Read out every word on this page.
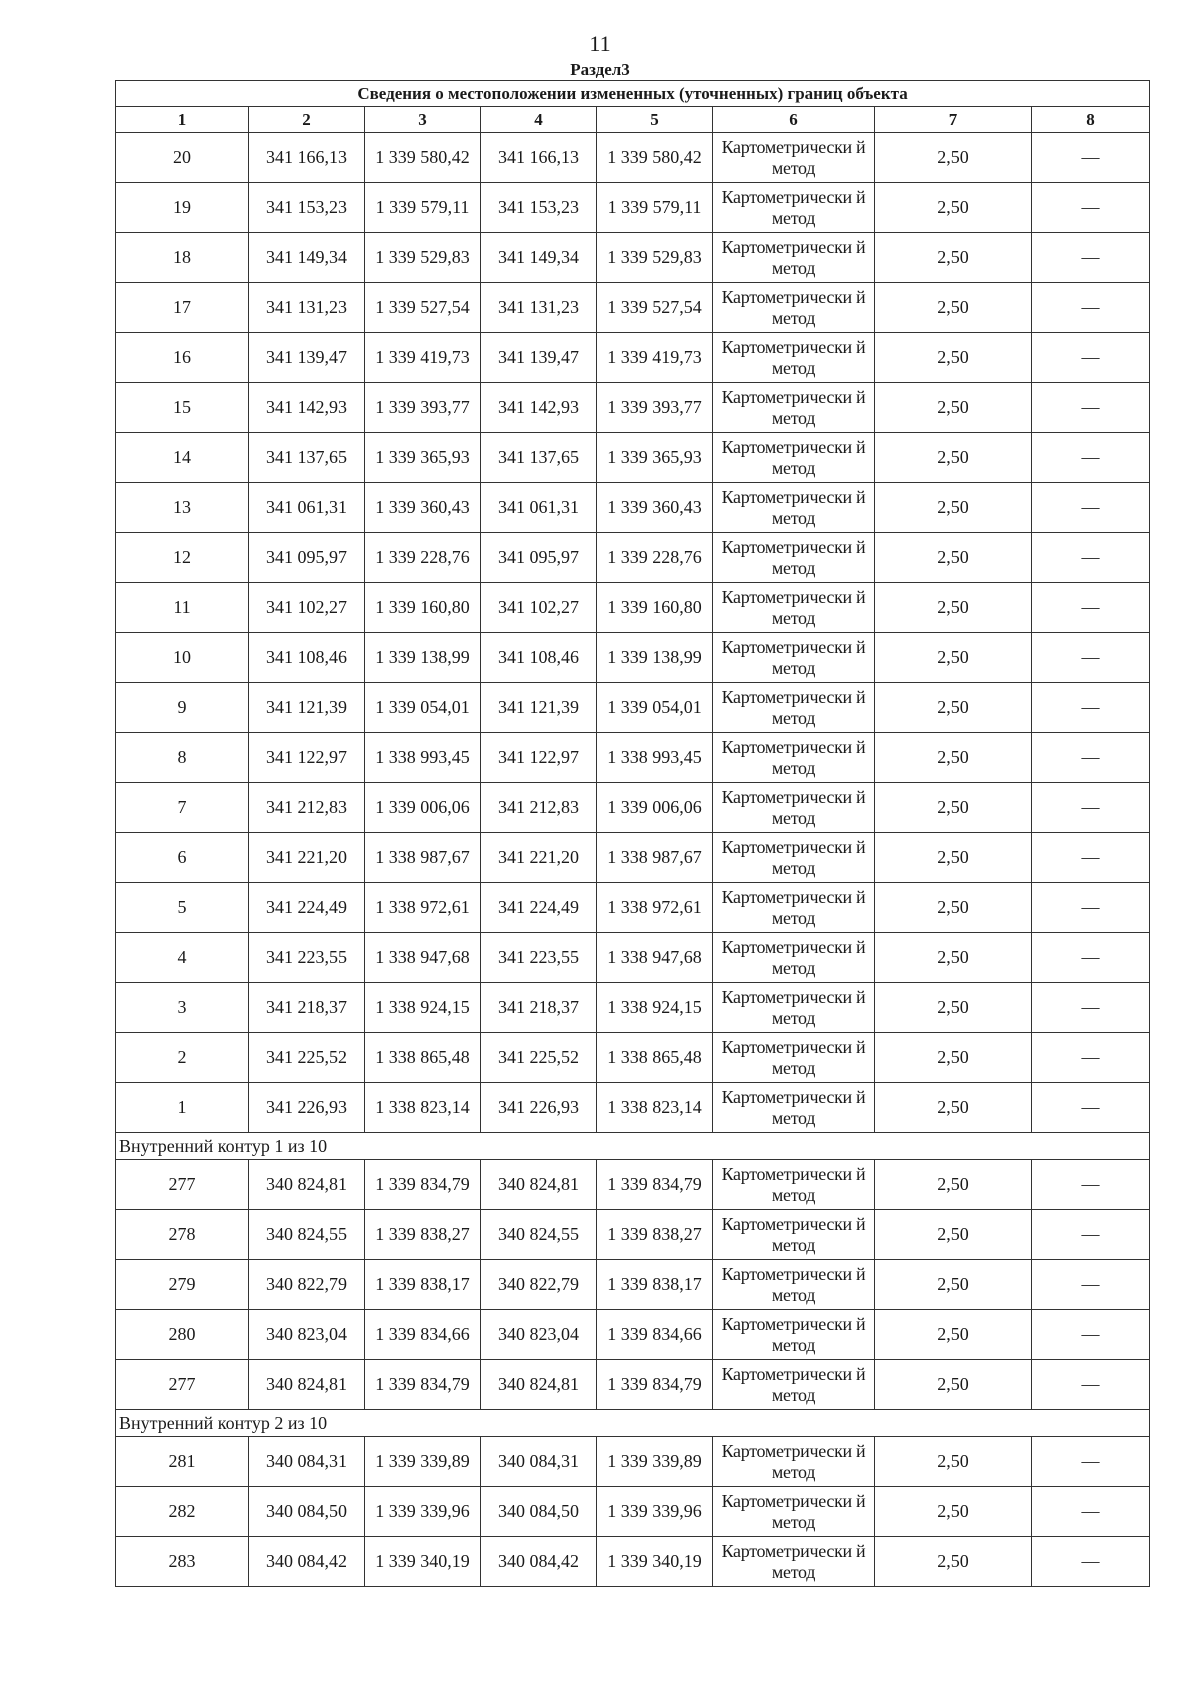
11
Раздел3
Сведения о местоположении измененных (уточненных) границ объекта							
1	2	3	4	5	6	7	8
20	341 166,13	1 339 580,42	341 166,13	1 339 580,42	Картометрически й метод	2,50	—
19	341 153,23	1 339 579,11	341 153,23	1 339 579,11	Картометрически й метод	2,50	—
18	341 149,34	1 339 529,83	341 149,34	1 339 529,83	Картометрически й метод	2,50	—
17	341 131,23	1 339 527,54	341 131,23	1 339 527,54	Картометрически й метод	2,50	—
16	341 139,47	1 339 419,73	341 139,47	1 339 419,73	Картометрически й метод	2,50	—
15	341 142,93	1 339 393,77	341 142,93	1 339 393,77	Картометрически й метод	2,50	—
14	341 137,65	1 339 365,93	341 137,65	1 339 365,93	Картометрически й метод	2,50	—
13	341 061,31	1 339 360,43	341 061,31	1 339 360,43	Картометрически й метод	2,50	—
12	341 095,97	1 339 228,76	341 095,97	1 339 228,76	Картометрически й метод	2,50	—
11	341 102,27	1 339 160,80	341 102,27	1 339 160,80	Картометрически й метод	2,50	—
10	341 108,46	1 339 138,99	341 108,46	1 339 138,99	Картометрически й метод	2,50	—
9	341 121,39	1 339 054,01	341 121,39	1 339 054,01	Картометрически й метод	2,50	—
8	341 122,97	1 338 993,45	341 122,97	1 338 993,45	Картометрически й метод	2,50	—
7	341 212,83	1 339 006,06	341 212,83	1 339 006,06	Картометрически й метод	2,50	—
6	341 221,20	1 338 987,67	341 221,20	1 338 987,67	Картометрически й метод	2,50	—
5	341 224,49	1 338 972,61	341 224,49	1 338 972,61	Картометрически й метод	2,50	—
4	341 223,55	1 338 947,68	341 223,55	1 338 947,68	Картометрически й метод	2,50	—
3	341 218,37	1 338 924,15	341 218,37	1 338 924,15	Картометрически й метод	2,50	—
2	341 225,52	1 338 865,48	341 225,52	1 338 865,48	Картометрически й метод	2,50	—
1	341 226,93	1 338 823,14	341 226,93	1 338 823,14	Картометрически й метод	2,50	—
Внутренний контур 1 из 10							
277	340 824,81	1 339 834,79	340 824,81	1 339 834,79	Картометрически й метод	2,50	—
278	340 824,55	1 339 838,27	340 824,55	1 339 838,27	Картометрически й метод	2,50	—
279	340 822,79	1 339 838,17	340 822,79	1 339 838,17	Картометрически й метод	2,50	—
280	340 823,04	1 339 834,66	340 823,04	1 339 834,66	Картометрически й метод	2,50	—
277	340 824,81	1 339 834,79	340 824,81	1 339 834,79	Картометрически й метод	2,50	—
Внутренний контур 2 из 10							
281	340 084,31	1 339 339,89	340 084,31	1 339 339,89	Картометрически й метод	2,50	—
282	340 084,50	1 339 339,96	340 084,50	1 339 339,96	Картометрически й метод	2,50	—
283	340 084,42	1 339 340,19	340 084,42	1 339 340,19	Картометрически й метод	2,50	—
